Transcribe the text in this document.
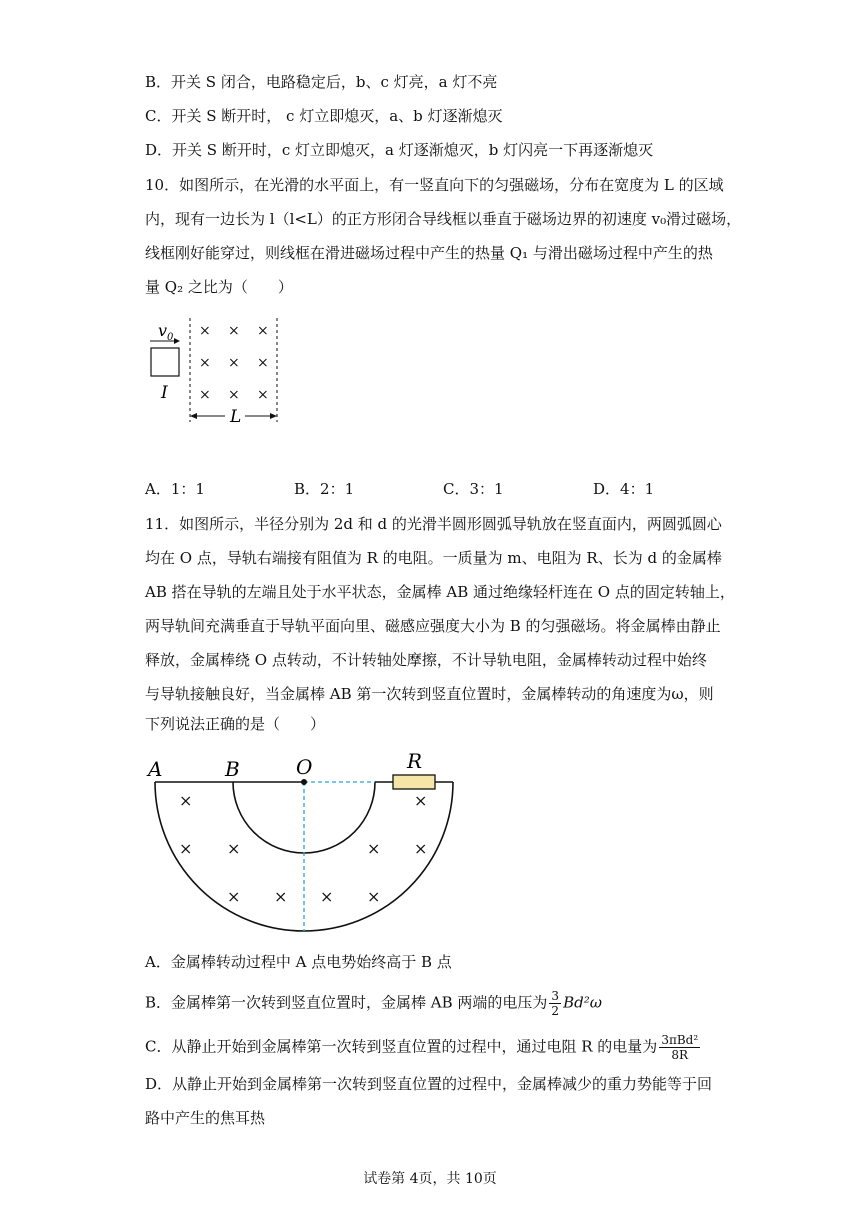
B．开关 S 闭合，电路稳定后，b、c 灯亮，a 灯不亮
C．开关 S 断开时， c 灯立即熄灭，a、b 灯逐渐熄灭
D．开关 S 断开时，c 灯立即熄灭，a 灯逐渐熄灭，b 灯闪亮一下再逐渐熄灭
10．如图所示，在光滑的水平面上，有一竖直向下的匀强磁场，分布在宽度为 L 的区域
内，现有一边长为 l（l<L）的正方形闭合导线框以垂直于磁场边界的初速度 v₀滑过磁场，
线框刚好能穿过，则线框在滑进磁场过程中产生的热量 Q₁ 与滑出磁场过程中产生的热
量 Q₂ 之比为（　　）
$v_0$
I
× × ×
× × ×
× × ×
L
A．1：1	B．2：1	C．3：1	D．4：1
11．如图所示，半径分别为 2d 和 d 的光滑半圆形圆弧导轨放在竖直面内，两圆弧圆心
均在 O 点，导轨右端接有阻值为 R 的电阻。一质量为 m、电阻为 R、长为 d 的金属棒
AB 搭在导轨的左端且处于水平状态，金属棒 AB 通过绝缘轻杆连在 O 点的固定转轴上，
两导轨间充满垂直于导轨平面向里、磁感应强度大小为 B 的匀强磁场。将金属棒由静止
释放，金属棒绕 O 点转动，不计转轴处摩擦，不计导轨电阻，金属棒转动过程中始终
与导轨接触良好，当金属棒 AB 第一次转到竖直位置时，金属棒转动的角速度为ω，则
下列说法正确的是（　　）
A	B	O	R
×	×
× ×	× ×
× × × ×
A．金属棒转动过程中 A 点电势始终高于 B 点
B．金属棒第一次转到竖直位置时，金属棒 AB 两端的电压为 $\frac{3}{2} Bd^2\omega$
C．从静止开始到金属棒第一次转到竖直位置的过程中，通过电阻 R 的电量为 $\frac{\text{3πBd²}}{8R}$
D．从静止开始到金属棒第一次转到竖直位置的过程中，金属棒减少的重力势能等于回
路中产生的焦耳热
试卷第 4页，共 10页
